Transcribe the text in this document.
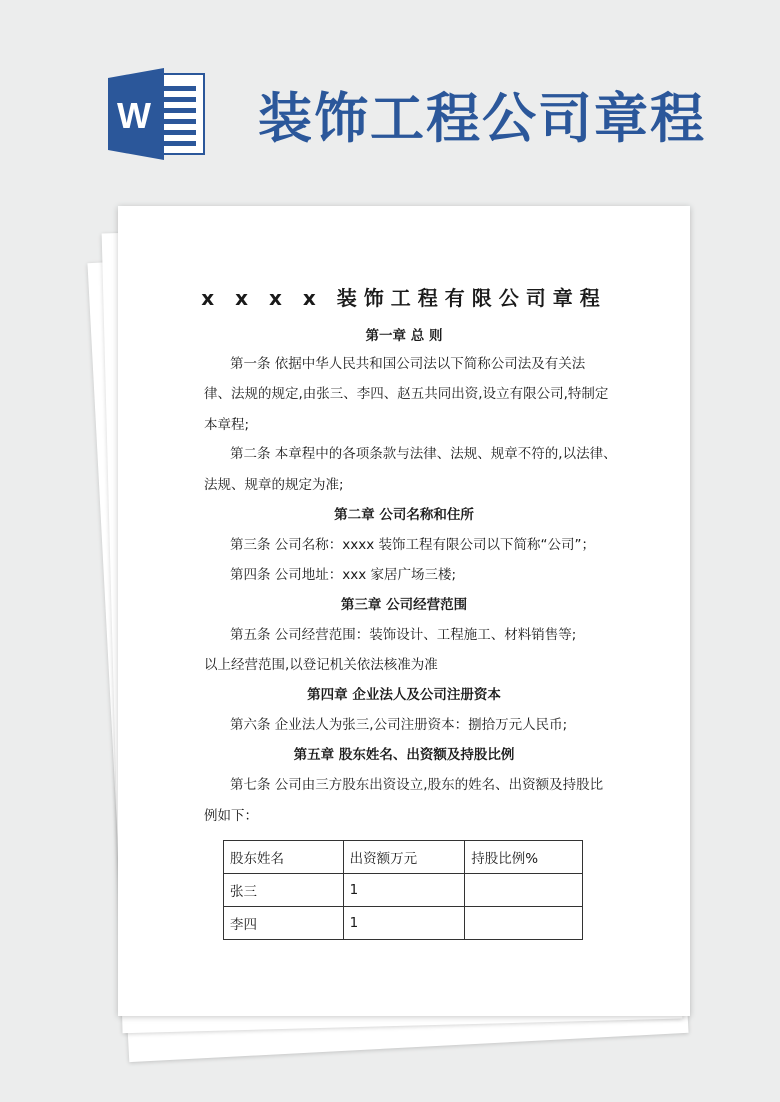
W 装饰工程公司章程
x x x x 装饰工程有限公司章程
第一章 总 则
第一条 依据中华人民共和国公司法以下简称公司法及有关法
律、法规的规定,由张三、李四、赵五共同出资,设立有限公司,特制定
本章程;
第二条 本章程中的各项条款与法律、法规、规章不符的,以法律、
法规、规章的规定为准;
第二章 公司名称和住所
第三条 公司名称：xxxx 装饰工程有限公司以下简称“公司”；
第四条 公司地址：xxx 家居广场三楼;
第三章 公司经营范围
第五条 公司经营范围：装饰设计、工程施工、材料销售等;
以上经营范围,以登记机关依法核准为准
第四章 企业法人及公司注册资本
第六条 企业法人为张三,公司注册资本：捌拾万元人民币;
第五章 股东姓名、出资额及持股比例
第七条 公司由三方股东出资设立,股东的姓名、出资额及持股比
例如下：
股东姓名	出资额万元	持股比例%
张三	1	
李四	1	
